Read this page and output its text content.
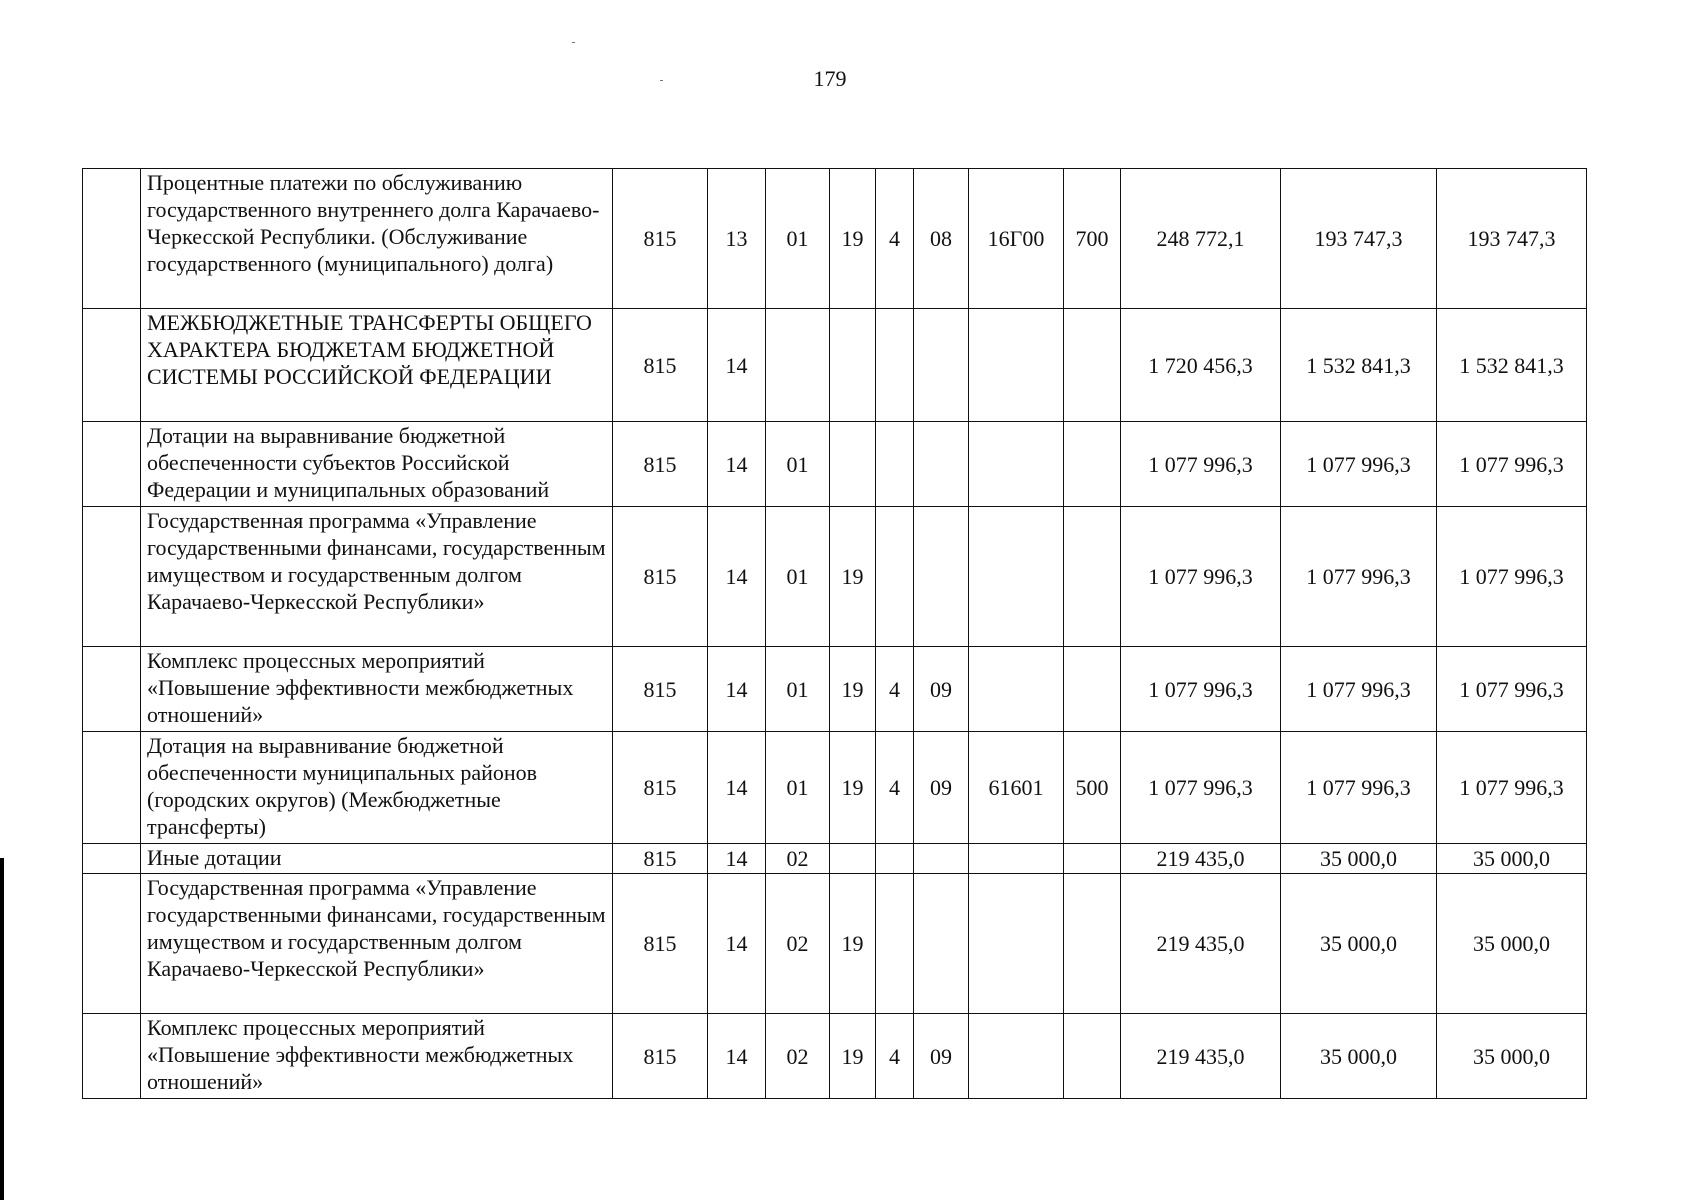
179
	Процентные платежи по обслуживанию государственного внутреннего долга Карачаево-Черкесской Республики. (Обслуживание государственного (муниципального) долга)	815	13	01	19	4	08	16Г00	700	248 772,1	193 747,3	193 747,3
	МЕЖБЮДЖЕТНЫЕ ТРАНСФЕРТЫ ОБЩЕГО ХАРАКТЕРА БЮДЖЕТАМ БЮДЖЕТНОЙ СИСТЕМЫ РОССИЙСКОЙ ФЕДЕРАЦИИ	815	14							1 720 456,3	1 532 841,3	1 532 841,3
	Дотации на выравнивание бюджетной обеспеченности субъектов Российской Федерации и муниципальных образований	815	14	01						1 077 996,3	1 077 996,3	1 077 996,3
	Государственная программа «Управление государственными финансами, государственным имуществом и государственным долгом Карачаево-Черкесской Республики»	815	14	01	19					1 077 996,3	1 077 996,3	1 077 996,3
	Комплекс процессных мероприятий «Повышение эффективности межбюджетных отношений»	815	14	01	19	4	09			1 077 996,3	1 077 996,3	1 077 996,3
	Дотация на выравнивание бюджетной обеспеченности муниципальных районов (городских округов) (Межбюджетные трансферты)	815	14	01	19	4	09	61601	500	1 077 996,3	1 077 996,3	1 077 996,3
	Иные дотации	815	14	02						219 435,0	35 000,0	35 000,0
	Государственная программа «Управление государственными финансами, государственным имуществом и государственным долгом Карачаево-Черкесской Республики»	815	14	02	19					219 435,0	35 000,0	35 000,0
	Комплекс процессных мероприятий «Повышение эффективности межбюджетных отношений»	815	14	02	19	4	09			219 435,0	35 000,0	35 000,0
